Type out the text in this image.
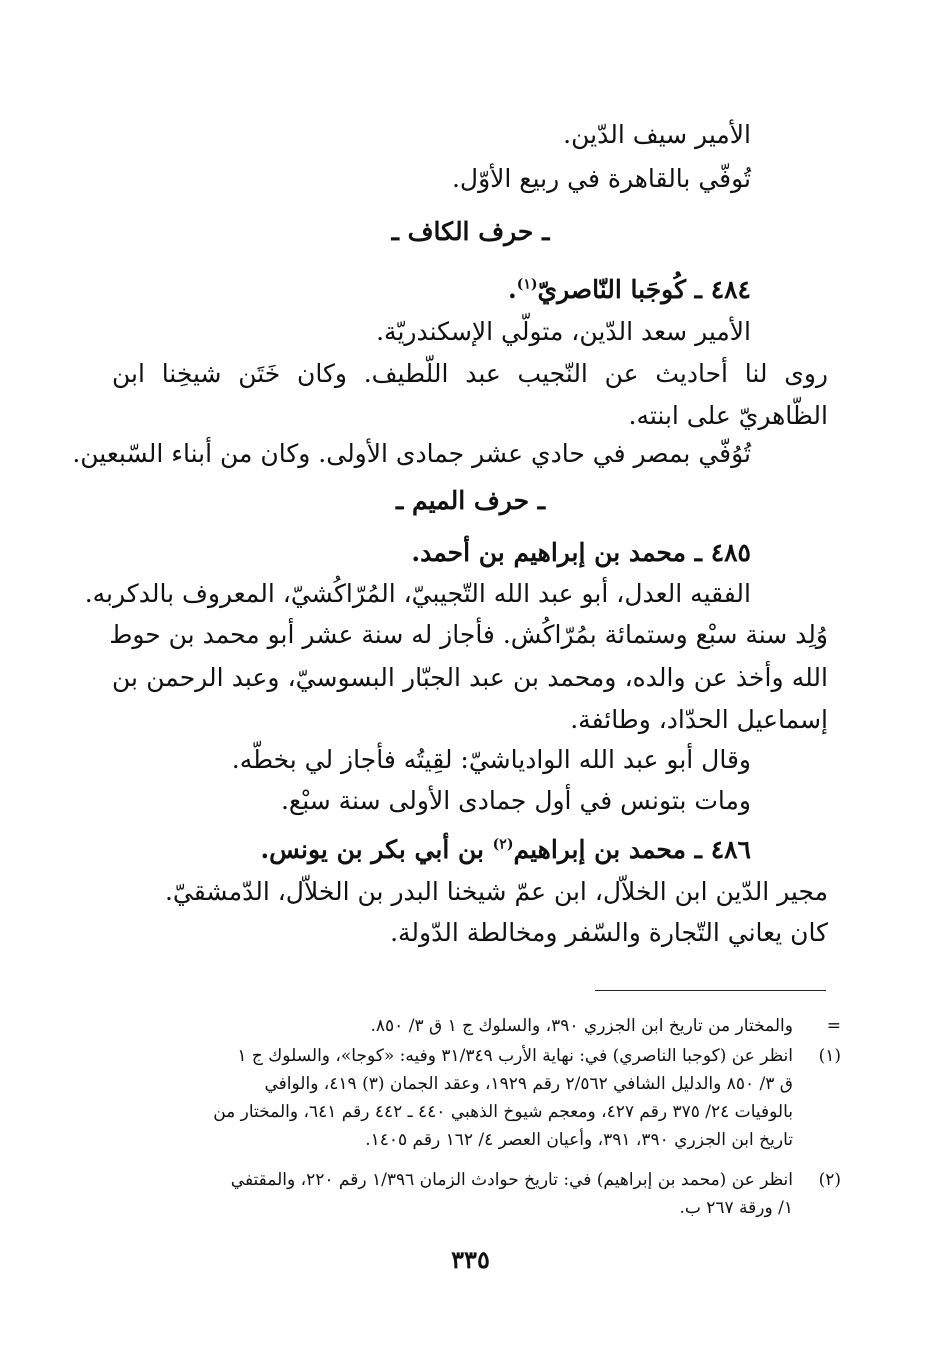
الأمير سيف الدّين.
تُوفّي بالقاهرة في ربيع الأوّل.
ـ حرف الكاف ـ
٤٨٤ ـ كُوجَبا النّاصريّ$^{(١)}$.
الأمير سعد الدّين، متولّي الإسكندريّة.
روى لنا أحاديث عن النّجيب عبد اللّطيف. وكان خَتَن شيخِنا ابن
الظّاهريّ على ابنته.
تُوُفّي بمصر في حادي عشر جمادى الأولى. وكان من أبناء السّبعين.
ـ حرف الميم ـ
٤٨٥ ـ محمد بن إبراهيم بن أحمد.
الفقيه العدل، أبو عبد الله التّجيبيّ، المُرّاكُشيّ، المعروف بالدكربه.
وُلِد سنة سبْع وستمائة بمُرّاكُش. فأجاز له سنة عشر أبو محمد بن حوط
الله وأخذ عن والده، ومحمد بن عبد الجبّار البسوسيّ، وعبد الرحمن بن
إسماعيل الحدّاد، وطائفة.
وقال أبو عبد الله الوادياشيّ: لقِيتُه فأجاز لي بخطّه.
ومات بتونس في أول جمادى الأولى سنة سبْع.
٤٨٦ ـ محمد بن إبراهيم$^{(٢)}$ بن أبي بكر بن يونس.
مجير الدّين ابن الخلاّل، ابن عمّ شيخنا البدر بن الخلاّل، الدّمشقيّ.
كان يعاني التّجارة والسّفر ومخالطة الدّولة.
=
والمختار من تاريخ ابن الجزري ٣٩٠، والسلوك ج ١ ق ٣/ ٨٥٠.
(١)
انظر عن (كوجبا الناصري) في: نهاية الأرب ٣١/٣٤٩ وفيه: «كوجا»، والسلوك ج ١
ق ٣/ ٨٥٠ والدليل الشافي ٢/٥٦٢ رقم ١٩٢٩، وعقد الجمان (٣) ٤١٩، والوافي
بالوفيات ٢٤/ ٣٧٥ رقم ٤٢٧، ومعجم شيوخ الذهبي ٤٤٠ ـ ٤٤٢ رقم ٦٤١، والمختار من
تاريخ ابن الجزري ٣٩٠، ٣٩١، وأعيان العصر ٤/ ١٦٢ رقم ١٤٠٥.
(٢)
انظر عن (محمد بن إبراهيم) في: تاريخ حوادث الزمان ١/٣٩٦ رقم ٢٢٠، والمقتفي
١/ ورقة ٢٦٧ ب.
٣٣٥
